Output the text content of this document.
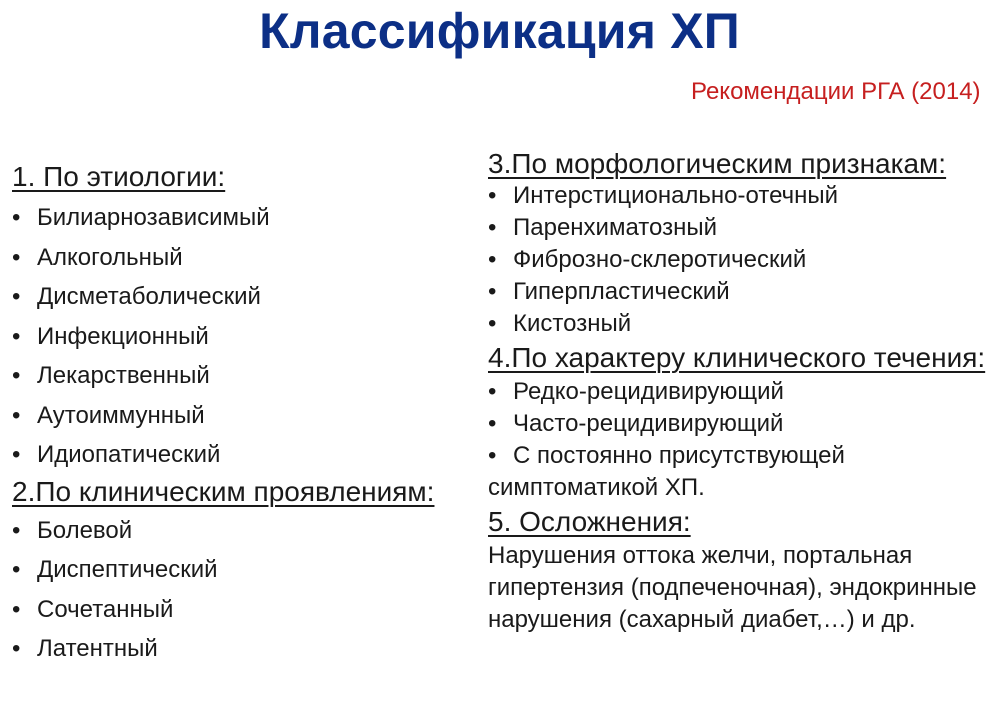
Классификация ХП
Рекомендации РГА (2014)
1. По этиологии:
• Билиарнозависимый
• Алкогольный
• Дисметаболический
• Инфекционный
• Лекарственный
• Аутоиммунный
• Идиопатический
2.По клиническим проявлениям:
• Болевой
• Диспептический
• Сочетанный
• Латентный
3.По морфологическим признакам:
• Интерстиционально-отечный
• Паренхиматозный
• Фиброзно-склеротический
• Гиперпластический
• Кистозный
4.По характеру клинического течения:
• Редко-рецидивирующий
• Часто-рецидивирующий
• С постоянно присутствующей симптоматикой ХП.
5. Осложнения:
Нарушения оттока желчи, портальная гипертензия (подпеченочная), эндокринные нарушения (сахарный диабет,…) и др.
